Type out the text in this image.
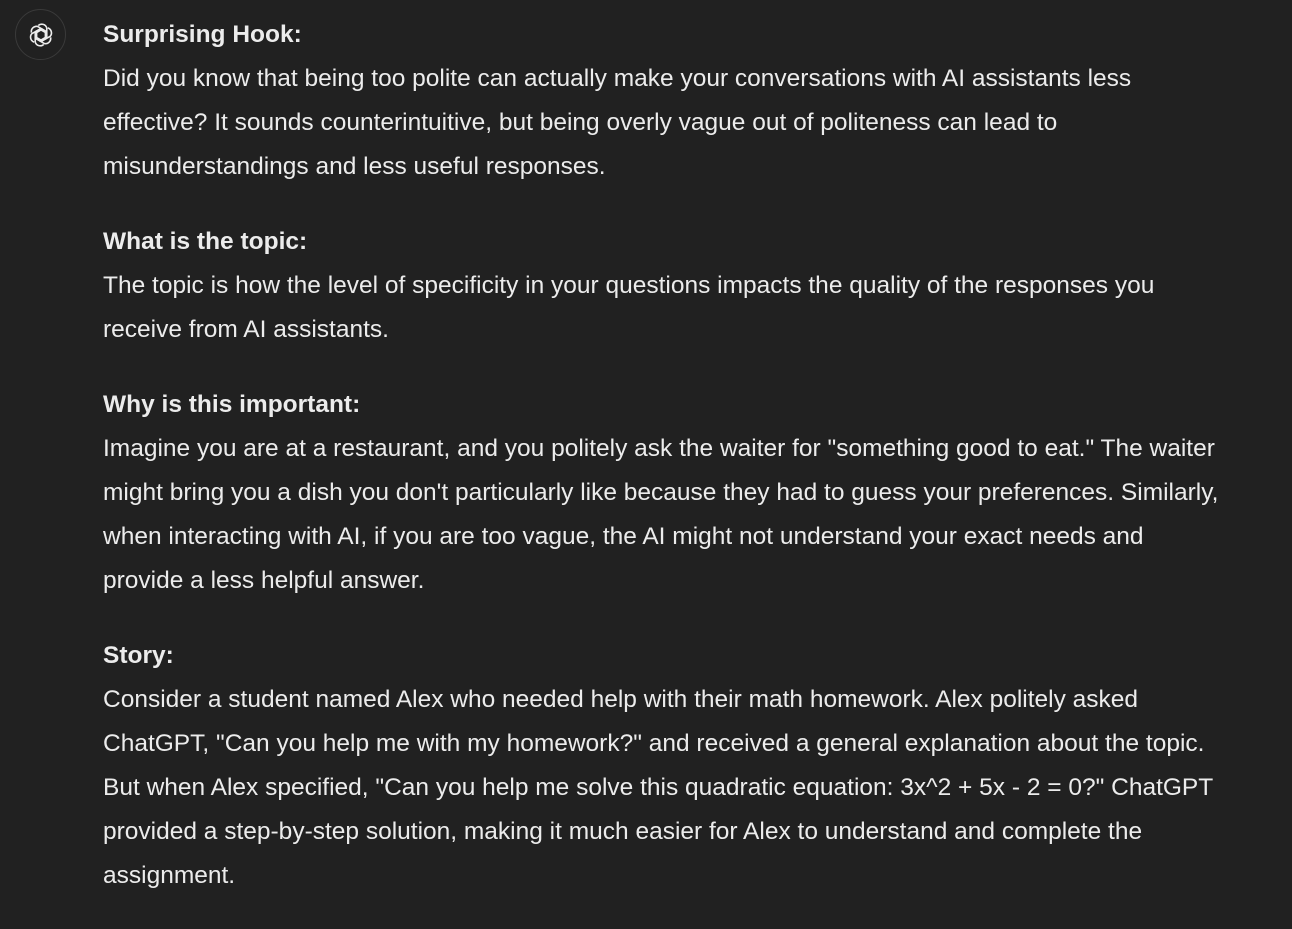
Surprising Hook:
Did you know that being too polite can actually make your conversations with AI assistants less effective? It sounds counterintuitive, but being overly vague out of politeness can lead to misunderstandings and less useful responses.
What is the topic:
The topic is how the level of specificity in your questions impacts the quality of the responses you receive from AI assistants.
Why is this important:
Imagine you are at a restaurant, and you politely ask the waiter for "something good to eat." The waiter might bring you a dish you don't particularly like because they had to guess your preferences. Similarly, when interacting with AI, if you are too vague, the AI might not understand your exact needs and provide a less helpful answer.
Story:
Consider a student named Alex who needed help with their math homework. Alex politely asked ChatGPT, "Can you help me with my homework?" and received a general explanation about the topic. But when Alex specified, "Can you help me solve this quadratic equation: 3x^2 + 5x - 2 = 0?" ChatGPT provided a step-by-step solution, making it much easier for Alex to understand and complete the assignment.
